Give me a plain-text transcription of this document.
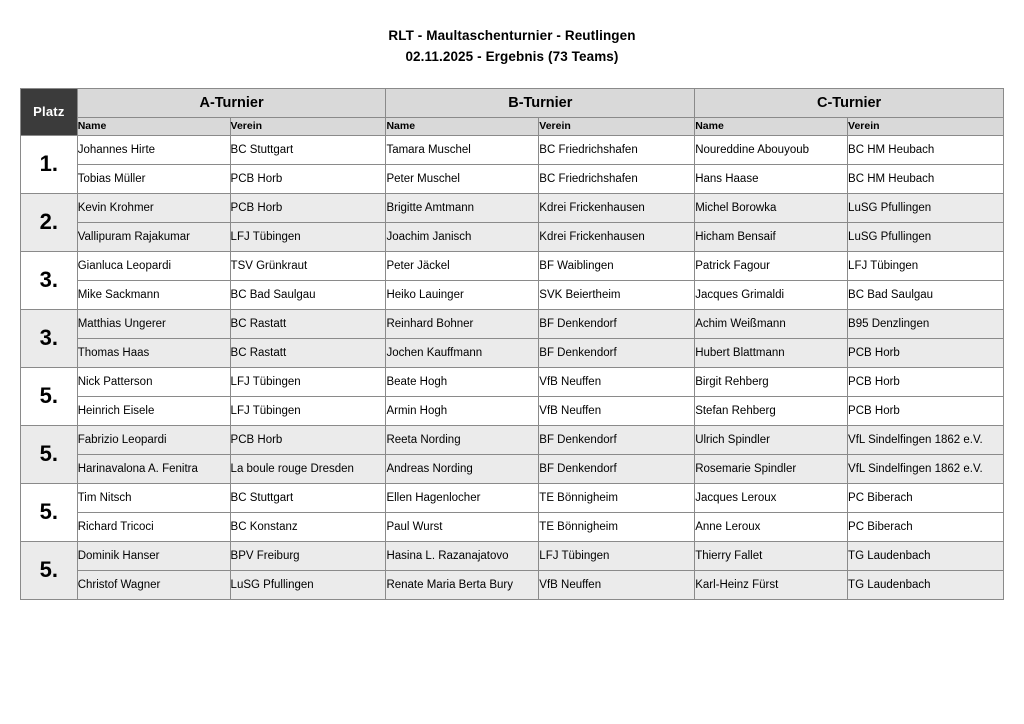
RLT - Maultaschenturnier - Reutlingen
02.11.2025 - Ergebnis (73 Teams)
Platz	A-Turnier		B-Turnier		C-Turnier	
	Name	Verein	Name	Verein	Name	Verein
1.	Johannes Hirte	BC Stuttgart	Tamara Muschel	BC Friedrichshafen	Noureddine Abouyoub	BC HM Heubach
	Tobias Müller	PCB Horb	Peter Muschel	BC Friedrichshafen	Hans Haase	BC HM Heubach
2.	Kevin Krohmer	PCB Horb	Brigitte Amtmann	Kdrei Frickenhausen	Michel Borowka	LuSG Pfullingen
	Vallipuram Rajakumar	LFJ Tübingen	Joachim Janisch	Kdrei Frickenhausen	Hicham Bensaif	LuSG Pfullingen
3.	Gianluca Leopardi	TSV Grünkraut	Peter Jäckel	BF Waiblingen	Patrick Fagour	LFJ Tübingen
	Mike Sackmann	BC Bad Saulgau	Heiko Lauinger	SVK Beiertheim	Jacques Grimaldi	BC Bad Saulgau
3.	Matthias Ungerer	BC Rastatt	Reinhard Bohner	BF Denkendorf	Achim Weißmann	B95 Denzlingen
	Thomas Haas	BC Rastatt	Jochen Kauffmann	BF Denkendorf	Hubert Blattmann	PCB Horb
5.	Nick Patterson	LFJ Tübingen	Beate Hogh	VfB Neuffen	Birgit Rehberg	PCB Horb
	Heinrich Eisele	LFJ Tübingen	Armin Hogh	VfB Neuffen	Stefan Rehberg	PCB Horb
5.	Fabrizio Leopardi	PCB Horb	Reeta Nording	BF Denkendorf	Ulrich Spindler	VfL Sindelfingen 1862 e.V.
	Harinavalona A. Fenitra	La boule rouge Dresden	Andreas Nording	BF Denkendorf	Rosemarie Spindler	VfL Sindelfingen 1862 e.V.
5.	Tim Nitsch	BC Stuttgart	Ellen Hagenlocher	TE Bönnigheim	Jacques Leroux	PC Biberach
	Richard Tricoci	BC Konstanz	Paul Wurst	TE Bönnigheim	Anne Leroux	PC Biberach
5.	Dominik Hanser	BPV Freiburg	Hasina L. Razanajatovo	LFJ Tübingen	Thierry Fallet	TG Laudenbach
	Christof Wagner	LuSG Pfullingen	Renate Maria Berta Bury	VfB Neuffen	Karl-Heinz Fürst	TG Laudenbach
